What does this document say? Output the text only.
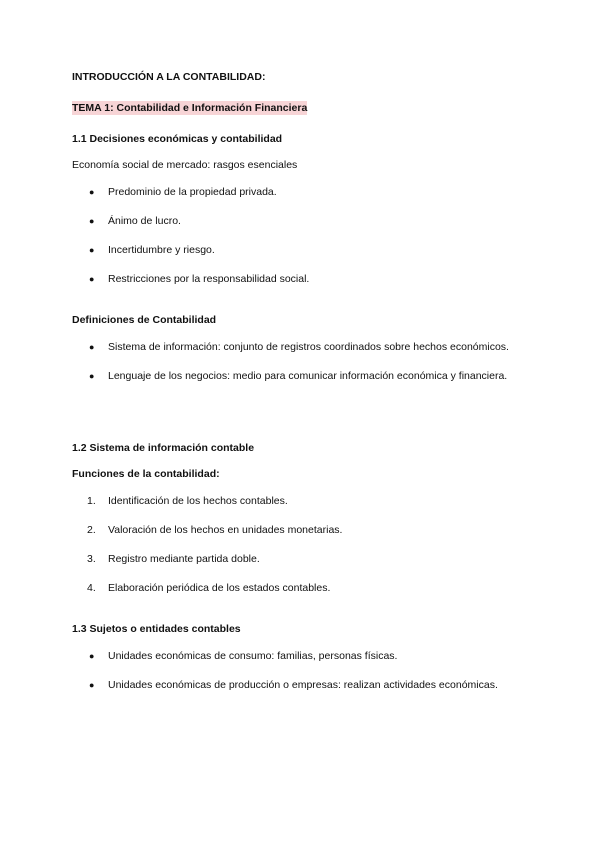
INTRODUCCIÓN A LA CONTABILIDAD:
TEMA 1: Contabilidad e Información Financiera
1.1 Decisiones económicas y contabilidad
Economía social de mercado: rasgos esenciales
● Predominio de la propiedad privada.
● Ánimo de lucro.
● Incertidumbre y riesgo.
● Restricciones por la responsabilidad social.
Definiciones de Contabilidad
● Sistema de información: conjunto de registros coordinados sobre hechos económicos.
● Lenguaje de los negocios: medio para comunicar información económica y financiera.
1.2 Sistema de información contable
Funciones de la contabilidad:
1. Identificación de los hechos contables.
2. Valoración de los hechos en unidades monetarias.
3. Registro mediante partida doble.
4. Elaboración periódica de los estados contables.
1.3 Sujetos o entidades contables
● Unidades económicas de consumo: familias, personas físicas.
● Unidades económicas de producción o empresas: realizan actividades económicas.
